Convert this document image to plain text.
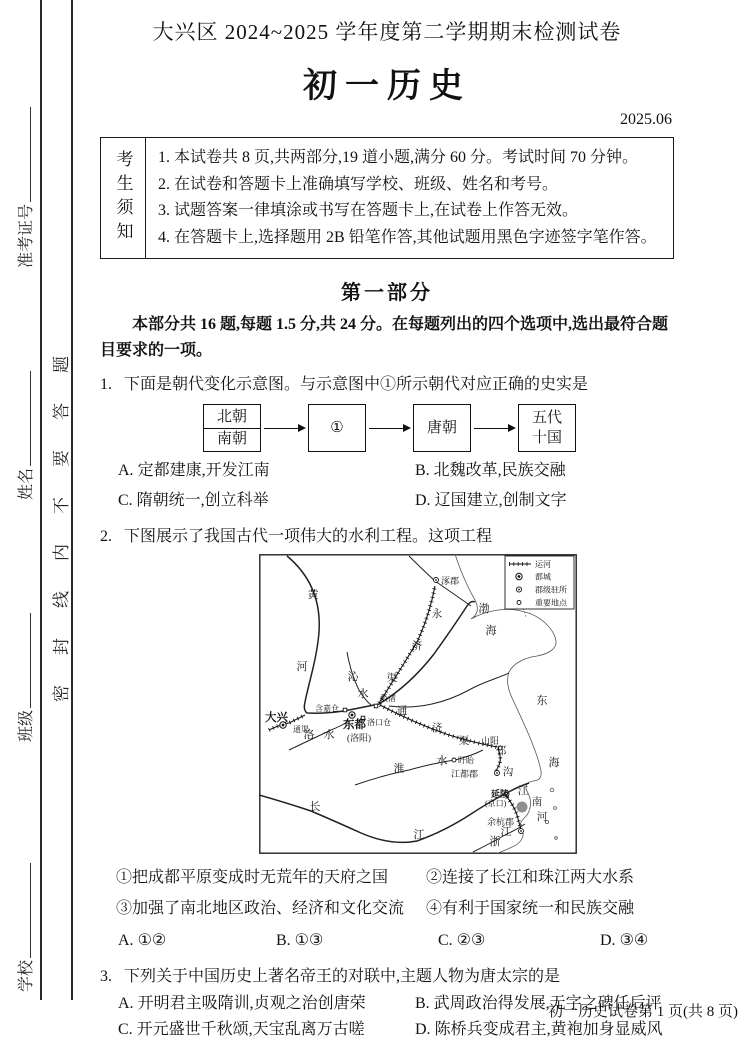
密封线内不要答题
准考证号
姓名
班级
学校
大兴区 2024~2025 学年度第二学期期末检测试卷
初一历史
2025.06
考生须知 1. 本试卷共 8 页,共两部分,19 道小题,满分 60 分。考试时间 70 分钟。
2. 在试卷和答题卡上准确填写学校、班级、姓名和考号。
3. 试题答案一律填涂或书写在答题卡上,在试卷上作答无效。
4. 在答题卡上,选择题用 2B 铅笔作答,其他试题用黑色字迹签字笔作答。
第一部分
本部分共 16 题,每题 1.5 分,共 24 分。在每题列出的四个选项中,选出最符合题目要求的一项。
1. 下面是朝代变化示意图。与示意图中①所示朝代对应正确的史实是
北朝
南朝
①	唐朝
五代
十国
A. 定都建康,开发江南	B. 北魏改革,民族交融
C. 隋朝统一,创立科举	D. 辽国建立,创制文字
2. 下图展示了我国古代一项伟大的水利工程。这项工程
黄
河
沁
水
洛 水
淮
水
长
江
浙
江
渤
海
东
海
永
济
渠
通
济
渠
邗
沟
江
南
河
通渠
涿郡
含嘉仓
板渚
洛口仓
山阳
盱眙
江都郡
余杭郡
(洛阳)
(京口)
大兴
东都
延陵
运河
都城
郡级驻所
重要地点
①把成都平原变成时无荒年的天府之国	②连接了长江和珠江两大水系
③加强了南北地区政治、经济和文化交流	④有利于国家统一和民族交融
A. ①②	B. ①③	C. ②③	D. ③④
3. 下列关于中国历史上著名帝王的对联中,主题人物为唐太宗的是
A. 开明君主吸隋训,贞观之治创唐荣	B. 武周政治得发展,无字之碑任后评
C. 开元盛世千秋颂,天宝乱离万古嗟	D. 陈桥兵变成君主,黄袍加身显威风
初一历史试卷第 1 页(共 8 页)
